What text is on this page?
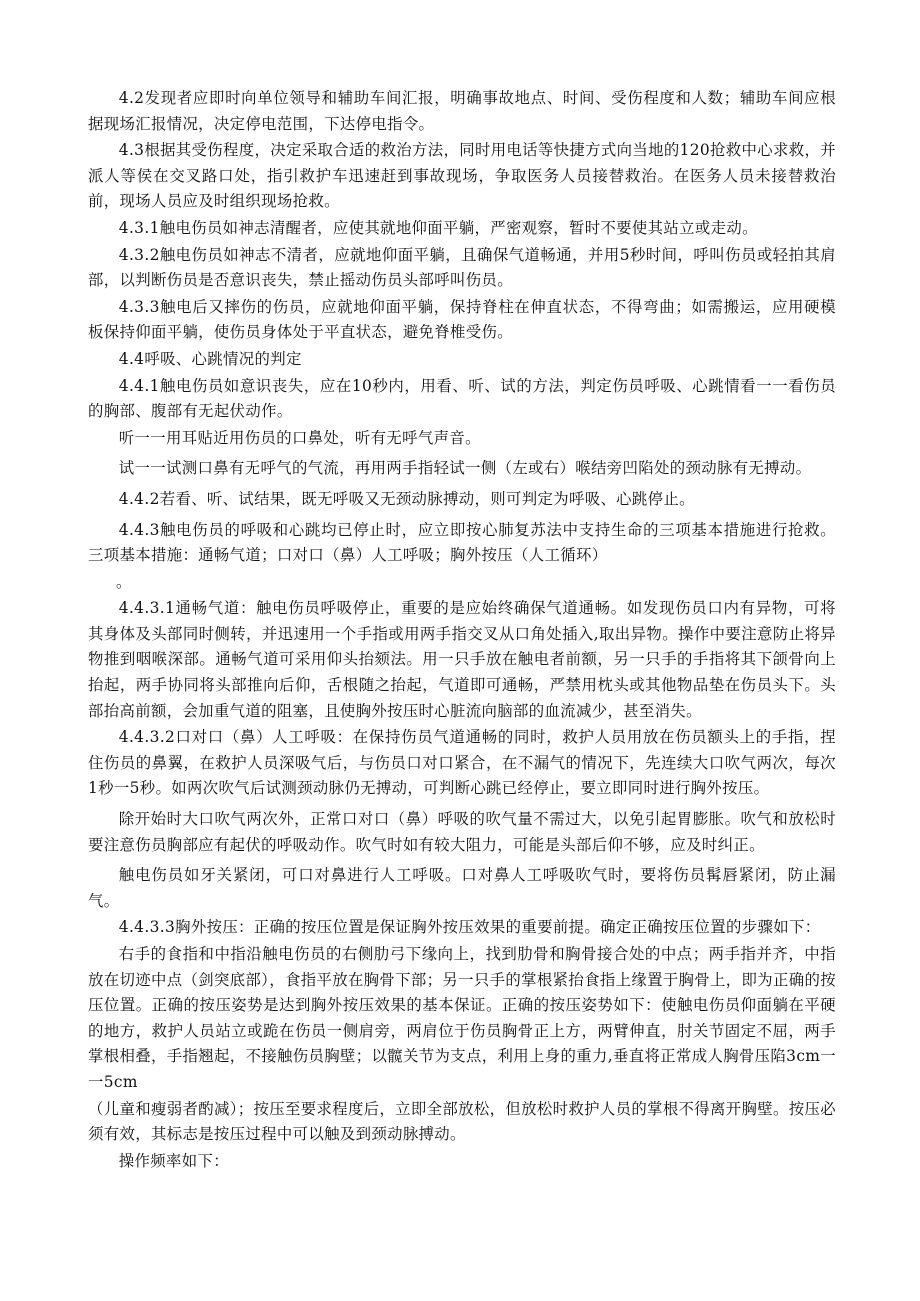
4.2发现者应即时向单位领导和辅助车间汇报，明确事故地点、时间、受伤程度和人数；辅助车间应根据现场汇报情况，决定停电范围，下达停电指令。

4.3根据其受伤程度，决定采取合适的救治方法，同时用电话等快捷方式向当地的120抢救中心求救，并派人等侯在交叉路口处，指引救护车迅速赶到事故现场，争取医务人员接替救治。在医务人员未接替救治前，现场人员应及时组织现场抢救。

4.3.1触电伤员如神志清醒者，应使其就地仰面平躺，严密观察，暂时不要使其站立或走动。

4.3.2触电伤员如神志不清者，应就地仰面平躺，且确保气道畅通，并用5秒时间，呼叫伤员或轻拍其肩部，以判断伤员是否意识丧失，禁止摇动伤员头部呼叫伤员。

4.3.3触电后又摔伤的伤员，应就地仰面平躺，保持脊柱在伸直状态，不得弯曲；如需搬运，应用硬模板保持仰面平躺，使伤员身体处于平直状态，避免脊椎受伤。

4.4呼吸、心跳情况的判定

4.4.1触电伤员如意识丧失，应在10秒内，用看、听、试的方法，判定伤员呼吸、心跳情看一一看伤员的胸部、腹部有无起伏动作。

听一一用耳贴近用伤员的口鼻处，听有无呼气声音。

试一一试测口鼻有无呼气的气流，再用两手指轻试一侧（左或右）喉结旁凹陷处的颈动脉有无搏动。

4.4.2若看、听、试结果，既无呼吸又无颈动脉搏动，则可判定为呼吸、心跳停止。

4.4.3触电伤员的呼吸和心跳均已停止时，应立即按心肺复苏法中支持生命的三项基本措施进行抢救。三项基本措施：通畅气道；口对口（鼻）人工呼吸；胸外按压（人工循环）

。

4.4.3.1通畅气道：触电伤员呼吸停止，重要的是应始终确保气道通畅。如发现伤员口内有异物，可将其身体及头部同时侧转，并迅速用一个手指或用两手指交叉从口角处插入,取出异物。操作中要注意防止将异物推到咽喉深部。通畅气道可采用仰头抬颏法。用一只手放在触电者前额，另一只手的手指将其下颌骨向上抬起，两手协同将头部推向后仰，舌根随之抬起，气道即可通畅，严禁用枕头或其他物品垫在伤员头下。头部抬高前额，会加重气道的阻塞，且使胸外按压时心脏流向脑部的血流减少，甚至消失。

4.4.3.2口对口（鼻）人工呼吸：在保持伤员气道通畅的同时，救护人员用放在伤员额头上的手指，捏住伤员的鼻翼，在救护人员深吸气后，与伤员口对口紧合，在不漏气的情况下，先连续大口吹气两次，每次1秒一5秒。如两次吹气后试测颈动脉仍无搏动，可判断心跳已经停止，要立即同时进行胸外按压。

除开始时大口吹气两次外，正常口对口（鼻）呼吸的吹气量不需过大，以免引起胃膨胀。吹气和放松时要注意伤员胸部应有起伏的呼吸动作。吹气时如有较大阻力，可能是头部后仰不够，应及时纠正。

触电伤员如牙关紧闭，可口对鼻进行人工呼吸。口对鼻人工呼吸吹气时，要将伤员髯唇紧闭，防止漏气。

4.4.3.3胸外按压：正确的按压位置是保证胸外按压效果的重要前提。确定正确按压位置的步骤如下：

右手的食指和中指沿触电伤员的右侧肋弓下缘向上，找到肋骨和胸骨接合处的中点；两手指并齐，中指放在切迹中点（剑突底部），食指平放在胸骨下部；另一只手的掌根紧抬食指上缘置于胸骨上，即为正确的按压位置。正确的按压姿势是达到胸外按压效果的基本保证。正确的按压姿势如下：使触电伤员仰面躺在平硬的地方，救护人员站立或跪在伤员一侧肩旁，两肩位于伤员胸骨正上方，两臂伸直，肘关节固定不屈，两手掌根相叠，手指翘起，不接触伤员胸壁；以髋关节为支点，利用上身的重力,垂直将正常成人胸骨压陷3cm一一5cm

（儿童和瘦弱者酌减）；按压至要求程度后，立即全部放松，但放松时救护人员的掌根不得离开胸壁。按压必须有效，其标志是按压过程中可以触及到颈动脉搏动。

操作频率如下：
